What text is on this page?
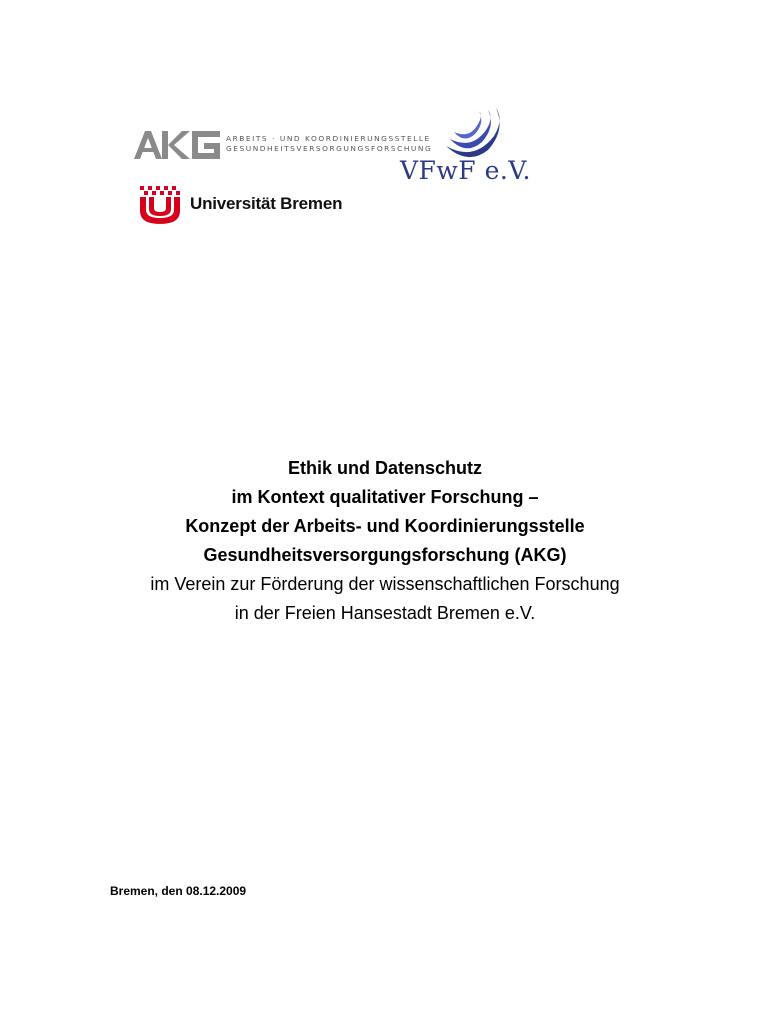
ARBEITS · UND KOORDINIERUNGSSTELLE
GESUNDHEITSVERSORGUNGSFORSCHUNG
VFwF e.V.
Universität Bremen
Ethik und Datenschutz
im Kontext qualitativer Forschung –
Konzept der Arbeits- und Koordinierungsstelle
Gesundheitsversorgungsforschung (AKG)
im Verein zur Förderung der wissenschaftlichen Forschung
in der Freien Hansestadt Bremen e.V.
Bremen, den 08.12.2009
